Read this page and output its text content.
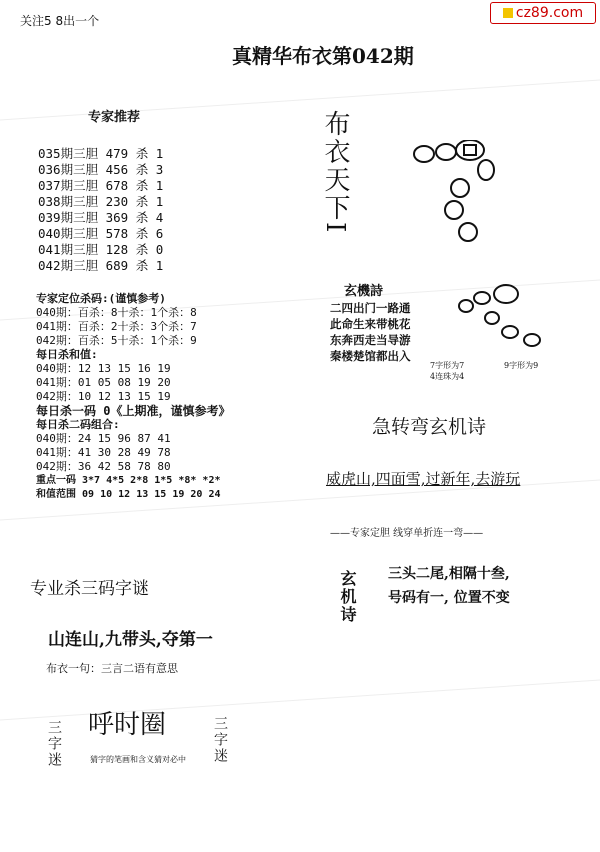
关注5 8出一个	cz89.com
真精华布衣第042期
专家推荐
035期三胆 479 杀 1
036期三胆 456 杀 3
037期三胆 678 杀 1
038期三胆 230 杀 1
039期三胆 369 杀 4
040期三胆 578 杀 6
041期三胆 128 杀 0
042期三胆 689 杀 1
专家定位杀码:(谨慎参考)
040期：百杀：8十杀：1个杀：8
041期：百杀：2十杀：3个杀：7
042期：百杀：5十杀：1个杀：9
每日杀和值:
040期：12 13 15 16 19
041期：01 05 08 19 20
042期：10 12 13 15 19
每日杀一码 0《上期准，谨慎参考》
每日杀二码组合:
040期：24 15 96 87 41
041期：41 30 28 49 78
042期：36 42 58 78 80
重点一码 3*7 4*5 2*8 1*5 *8* *2*
和值范围 09 10 12 13 15 19 20 24
专业杀三码字谜
山连山,九带头,夺第一
布衣一句：三言二语有意思
三字迷 呼时圈	三字迷
猜字的笔画和含义猜对必中
布衣天下I
玄機詩
二四出门一路通
此命生来带桃花
东奔西走当导游
秦楼楚馆都出入
7字形为7
4连珠为4
9字形为9
急转弯玄机诗
威虎山,四面雪,过新年,去游玩
——专家定胆 线穿单折连一弯——
玄机诗 三头二尾,相隔十叁,
号码有一, 位置不变
